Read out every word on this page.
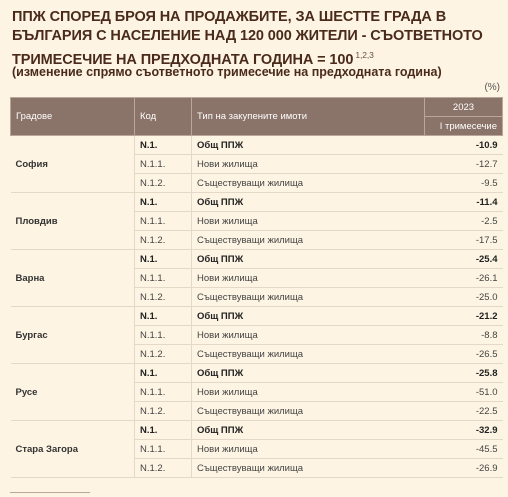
ППЖ СПОРЕД БРОЯ НА ПРОДАЖБИТЕ, ЗА ШЕСТТЕ ГРАДА В БЪЛГАРИЯ С НАСЕЛЕНИЕ НАД 120 000 ЖИТЕЛИ - СЪОТВЕТНОТО ТРИМЕСЕЧИЕ НА ПРЕДХОДНАТА ГОДИНА = 100 $^{1,2,3}$
(изменение спрямо съответното тримесечие на предходната година)
(%)
Градове	Код	Тип на закупените имоти	2023
			I тримесечие
София	N.1.	Общ ППЖ	-10.9
	N.1.1.	Нови жилища	-12.7
	N.1.2.	Съществуващи жилища	-9.5
Пловдив	N.1.	Общ ППЖ	-11.4
	N.1.1.	Нови жилища	-2.5
	N.1.2.	Съществуващи жилища	-17.5
Варна	N.1.	Общ ППЖ	-25.4
	N.1.1.	Нови жилища	-26.1
	N.1.2.	Съществуващи жилища	-25.0
Бургас	N.1.	Общ ППЖ	-21.2
	N.1.1.	Нови жилища	-8.8
	N.1.2.	Съществуващи жилища	-26.5
Русе	N.1.	Общ ППЖ	-25.8
	N.1.1.	Нови жилища	-51.0
	N.1.2.	Съществуващи жилища	-22.5
Стара Загора	N.1.	Общ ППЖ	-32.9
	N.1.1.	Нови жилища	-45.5
	N.1.2.	Съществуващи жилища	-26.9
